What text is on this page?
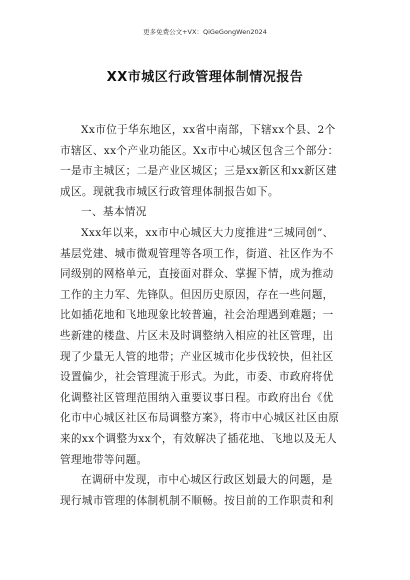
更多免费公文+VX：QiGeGongWen2024
XX市城区行政管理体制情况报告
Xx市位于华东地区，xx省中南部，下辖xx个县、2个
市辖区、xx个产业功能区。Xx市中心城区包含三个部分：
一是市主城区；二是产业区城区；三是xx新区和xx新区建
成区。现就我市城区行政管理体制报告如下。
一、基本情况
Xxx年以来，xx市中心城区大力度推进“三城同创”、
基层党建、城市微观管理等各项工作，街道、社区作为不
同级别的网格单元，直接面对群众、掌握下情，成为推动
工作的主力军、先锋队。但因历史原因，存在一些问题，
比如插花地和飞地现象比较普遍，社会治理遇到难题；一
些新建的楼盘、片区未及时调整纳入相应的社区管理，出
现了少量无人管的地带；产业区城市化步伐较快，但社区
设置偏少，社会管理流于形式。为此，市委、市政府将优
化调整社区管理范围纳入重要议事日程。市政府出台《优
化市中心城区社区布局调整方案》，将市中心城区社区由原
来的xx个调整为xx个，有效解决了插花地、飞地以及无人
管理地带等问题。
在调研中发现，市中心城区行政区划最大的问题，是
现行城市管理的体制机制不顺畅。按目前的工作职责和利
